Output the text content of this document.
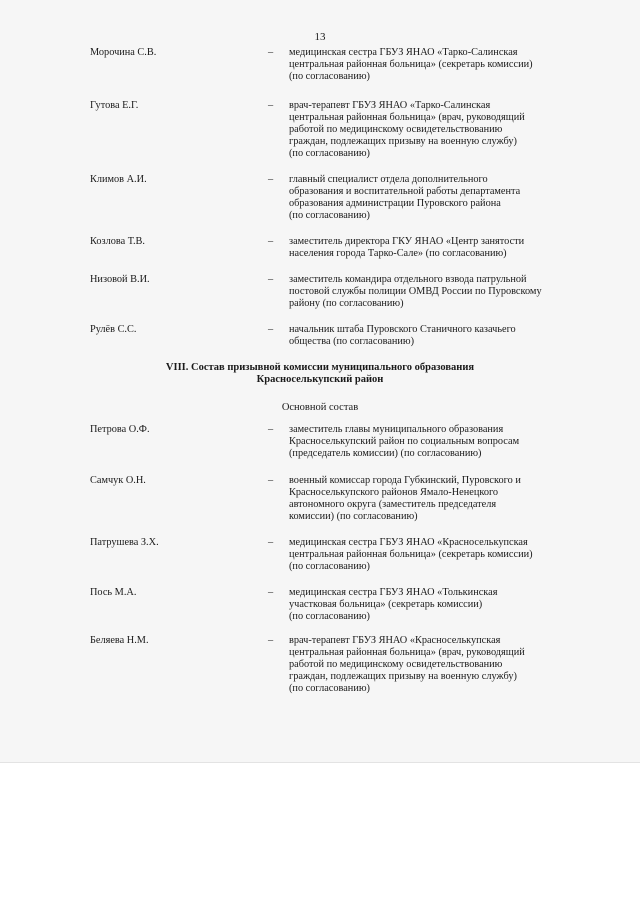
13
Морочина С.В.	– медицинская сестра ГБУЗ ЯНАО «Тарко-Салинская
центральная районная больница» (секретарь комиссии)
(по согласованию)
Гутова Е.Г.	– врач-терапевт ГБУЗ ЯНАО «Тарко-Салинская
центральная районная больница» (врач, руководящий
работой по медицинскому освидетельствованию
граждан, подлежащих призыву на военную службу)
(по согласованию)
Климов А.И.	– главный специалист отдела дополнительного
образования и воспитательной работы департамента
образования администрации Пуровского района
(по согласованию)
Козлова Т.В.	– заместитель директора ГКУ ЯНАО «Центр занятости
населения города Тарко-Сале» (по согласованию)
Низовой В.И.	– заместитель командира отдельного взвода патрульной
постовой службы полиции ОМВД России по Пуровскому
району (по согласованию)
Рулёв С.С.	– начальник штаба Пуровского Станичного казачьего
общества (по согласованию)
VIII. Состав призывной комиссии муниципального образования
Красноселькупский район
Основной состав
Петрова О.Ф.	– заместитель главы муниципального образования
Красноселькупский район по социальным вопросам
(председатель комиссии) (по согласованию)
Самчук О.Н.	– военный комиссар города Губкинский, Пуровского и
Красноселькупского районов Ямало-Ненецкого
автономного округа (заместитель председателя
комиссии) (по согласованию)
Патрушева З.Х.	– медицинская сестра ГБУЗ ЯНАО «Красноселькупская
центральная районная больница» (секретарь комиссии)
(по согласованию)
Пось М.А.	– медицинская сестра ГБУЗ ЯНАО «Толькинская
участковая больница» (секретарь комиссии)
(по согласованию)
Беляева Н.М.	– врач-терапевт ГБУЗ ЯНАО «Красноселькупская
центральная районная больница» (врач, руководящий
работой по медицинскому освидетельствованию
граждан, подлежащих призыву на военную службу)
(по согласованию)
